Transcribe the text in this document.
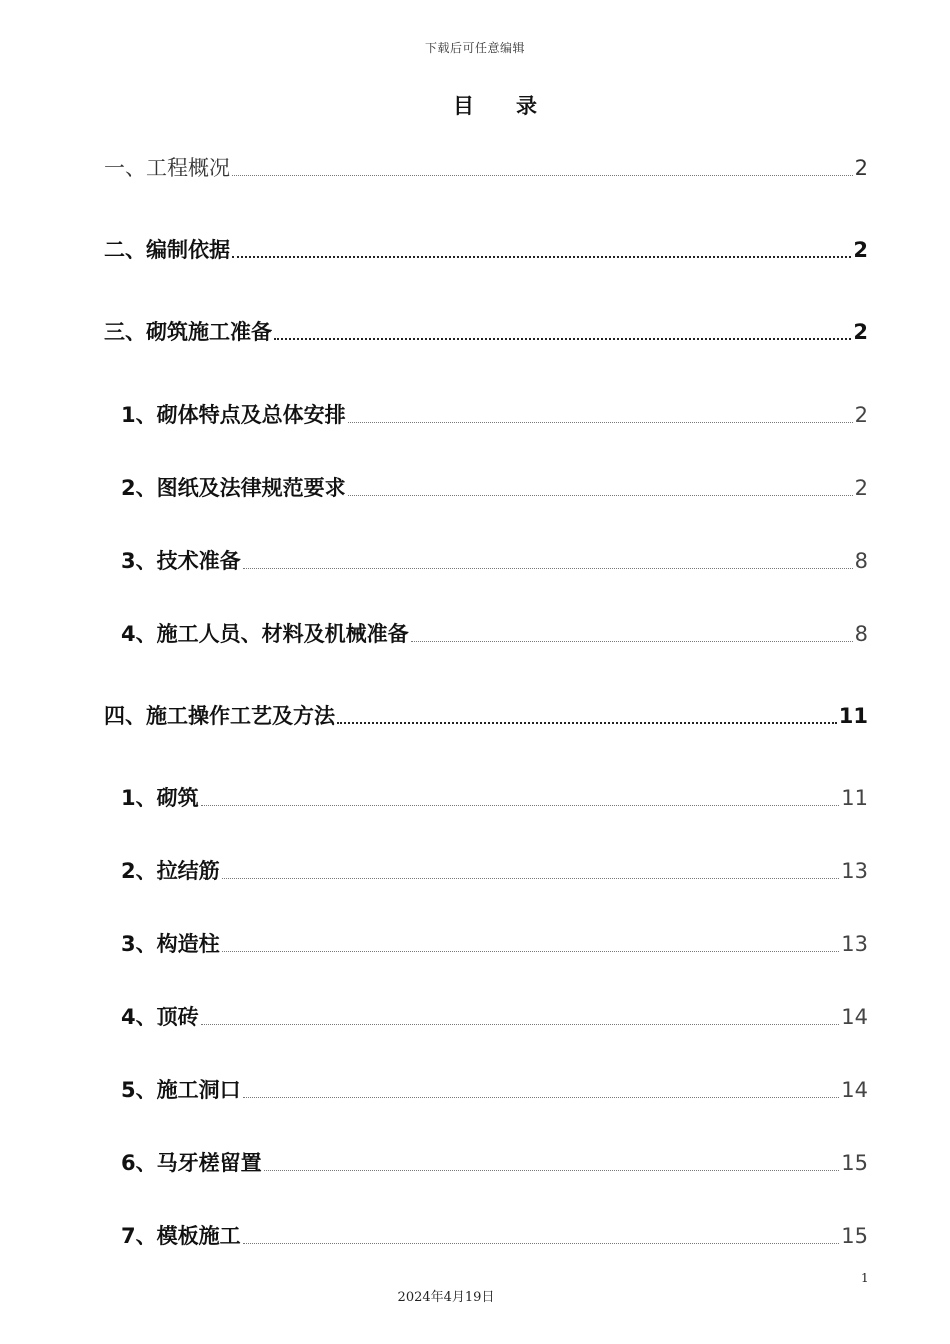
下载后可任意编辑
目 录
一、工程概况	2
二、编制依据	2
三、砌筑施工准备	2
1、砌体特点及总体安排	2
2、图纸及法律规范要求	2
3、技术准备	8
4、施工人员、材料及机械准备	8
四、施工操作工艺及方法	11
1、砌筑	11
2、拉结筋	13
3、构造柱	13
4、顶砖	14
5、施工洞口	14
6、马牙槎留置	15
7、模板施工	15
1
2024年4月19日
